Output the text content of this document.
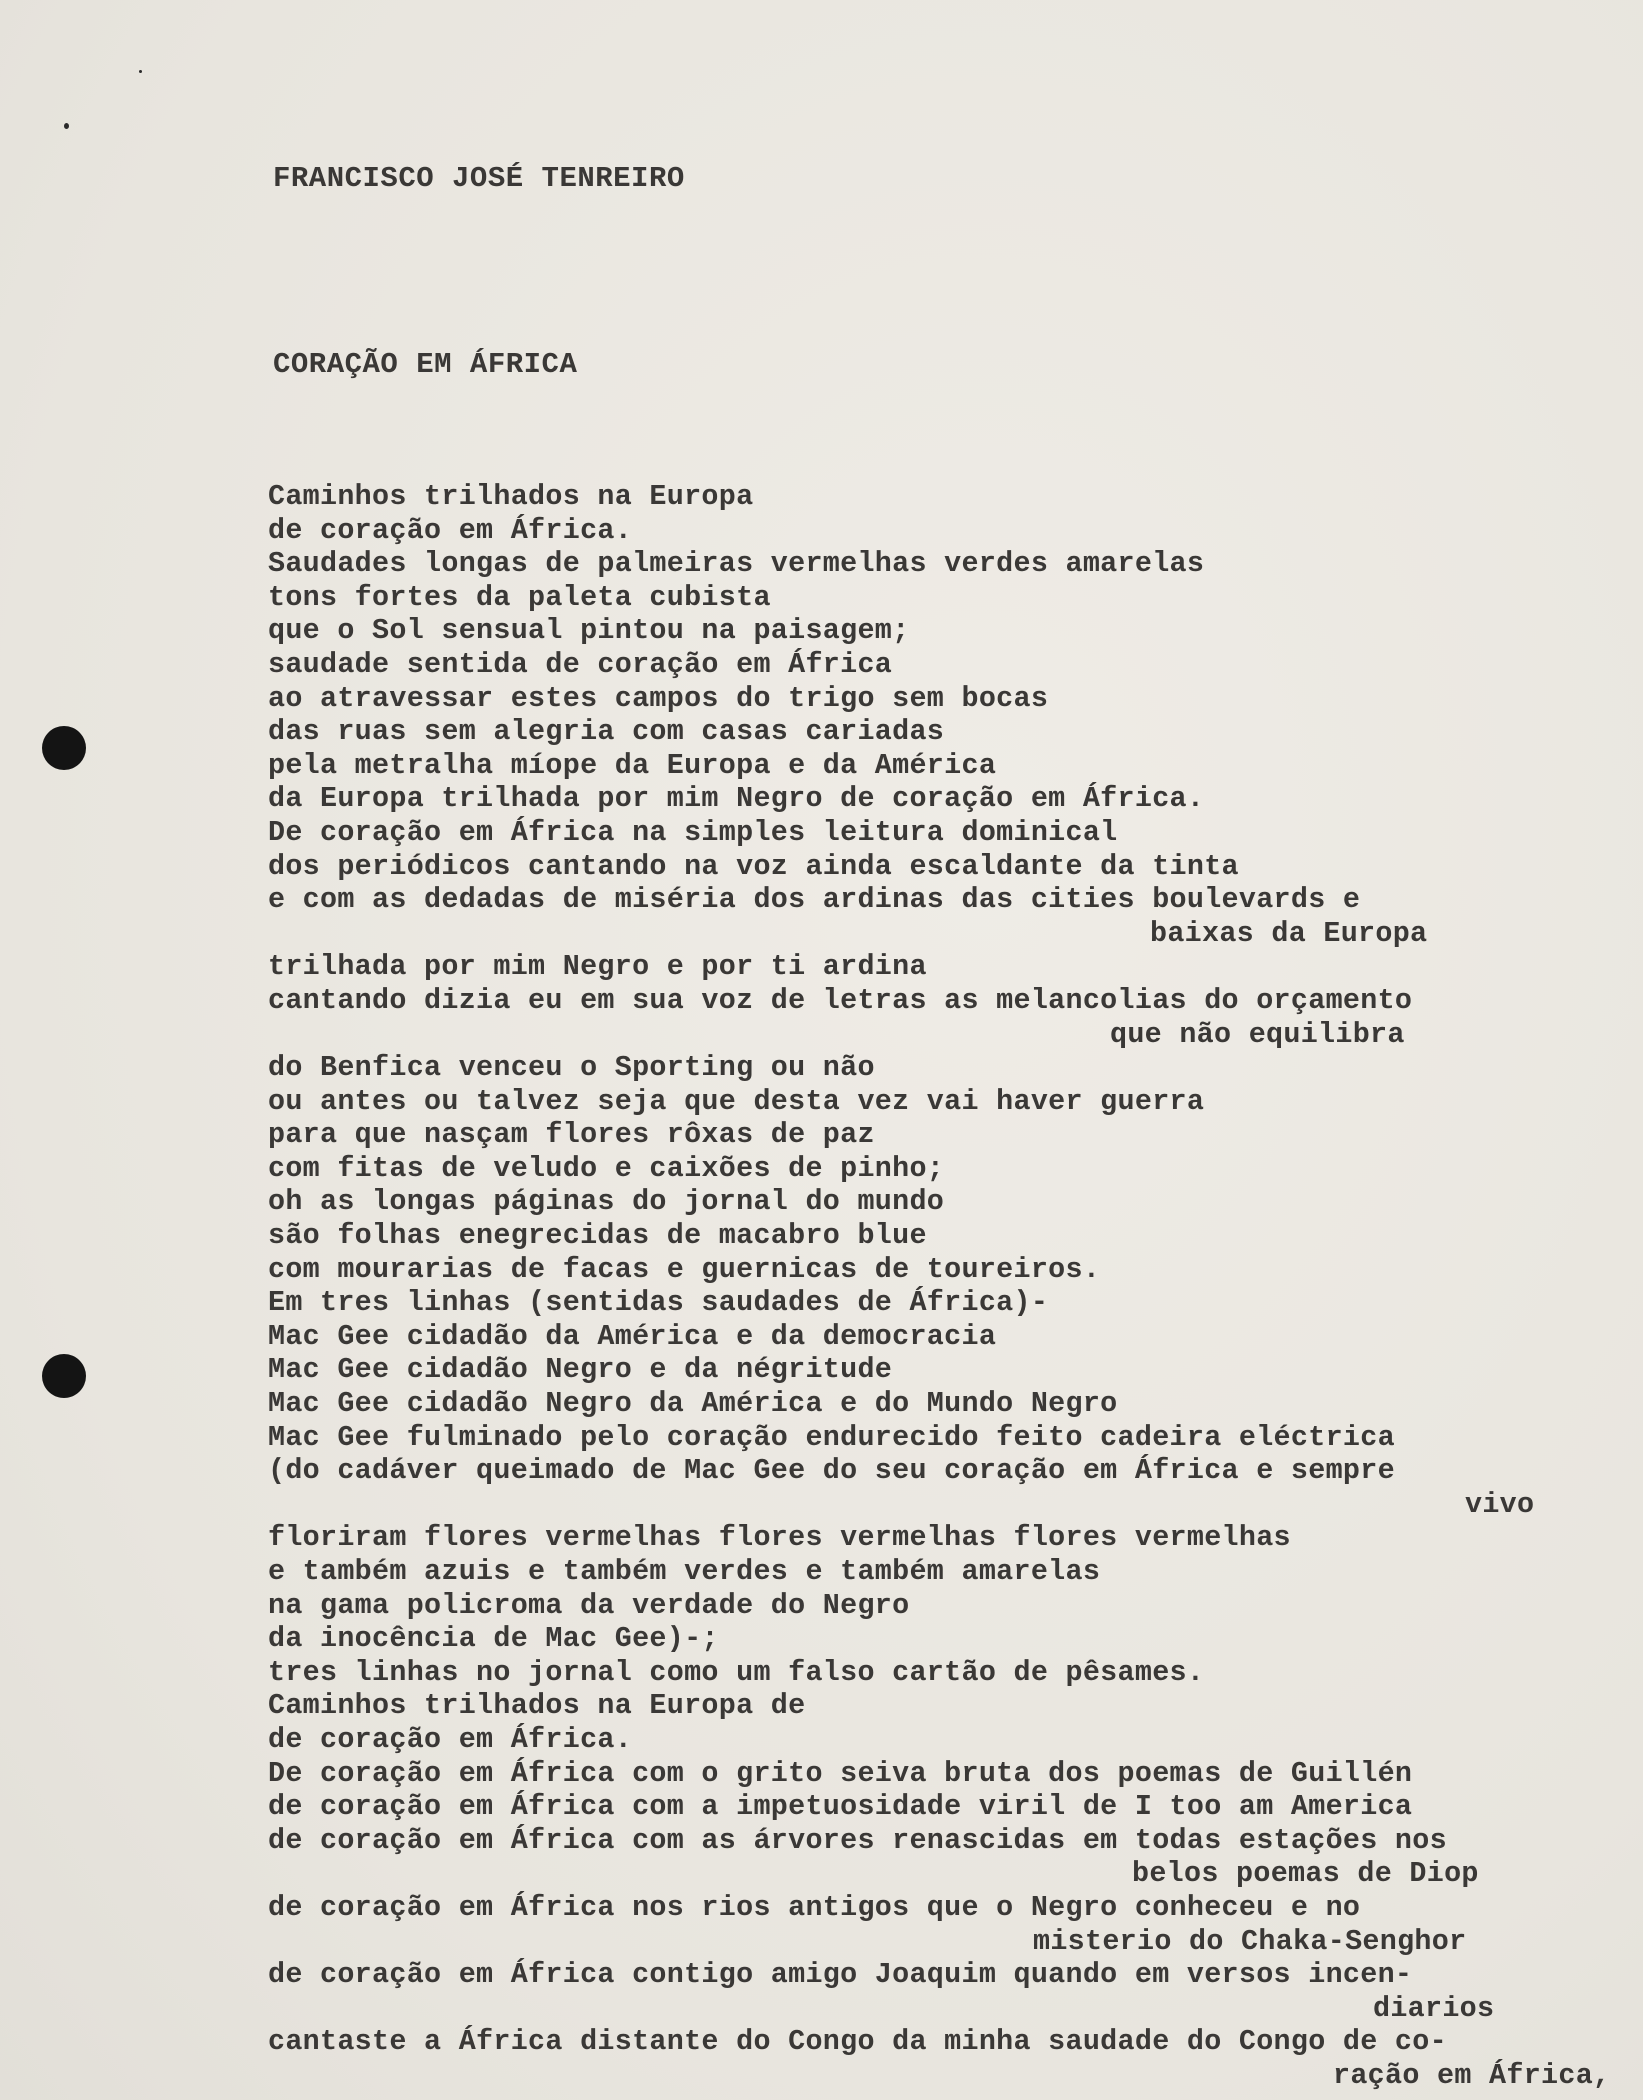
FRANCISCO JOSÉ TENREIRO
CORAÇÃO EM ÁFRICA
Caminhos trilhados na Europa
de coração em África.
Saudades longas de palmeiras vermelhas verdes amarelas
tons fortes da paleta cubista
que o Sol sensual pintou na paisagem;
saudade sentida de coração em África
ao atravessar estes campos do trigo sem bocas
das ruas sem alegria com casas cariadas
pela metralha míope da Europa e da América
da Europa trilhada por mim Negro de coração em África.
De coração em África na simples leitura dominical
dos periódicos cantando na voz ainda escaldante da tinta
e com as dedadas de miséria dos ardinas das cities boulevards e
baixas da Europa
trilhada por mim Negro e por ti ardina
cantando dizia eu em sua voz de letras as melancolias do orçamento
que não equilibra
do Benfica venceu o Sporting ou não
ou antes ou talvez seja que desta vez vai haver guerra
para que nasçam flores rôxas de paz
com fitas de veludo e caixões de pinho;
oh as longas páginas do jornal do mundo
são folhas enegrecidas de macabro blue
com mourarias de facas e guernicas de toureiros.
Em tres linhas (sentidas saudades de África)-
Mac Gee cidadão da América e da democracia
Mac Gee cidadão Negro e da négritude
Mac Gee cidadão Negro da América e do Mundo Negro
Mac Gee fulminado pelo coração endurecido feito cadeira eléctrica
(do cadáver queimado de Mac Gee do seu coração em África e sempre
vivo
floriram flores vermelhas flores vermelhas flores vermelhas
e também azuis e também verdes e também amarelas
na gama policroma da verdade do Negro
da inocência de Mac Gee)-;
tres linhas no jornal como um falso cartão de pêsames.
Caminhos trilhados na Europa de
de coração em África.
De coração em África com o grito seiva bruta dos poemas de Guillén
de coração em África com a impetuosidade viril de I too am America
de coração em África com as árvores renascidas em todas estações nos
belos poemas de Diop
de coração em África nos rios antigos que o Negro conheceu e no
misterio do Chaka-Senghor
de coração em África contigo amigo Joaquim quando em versos incen-
diarios
cantaste a África distante do Congo da minha saudade do Congo de co-
ração em África,
